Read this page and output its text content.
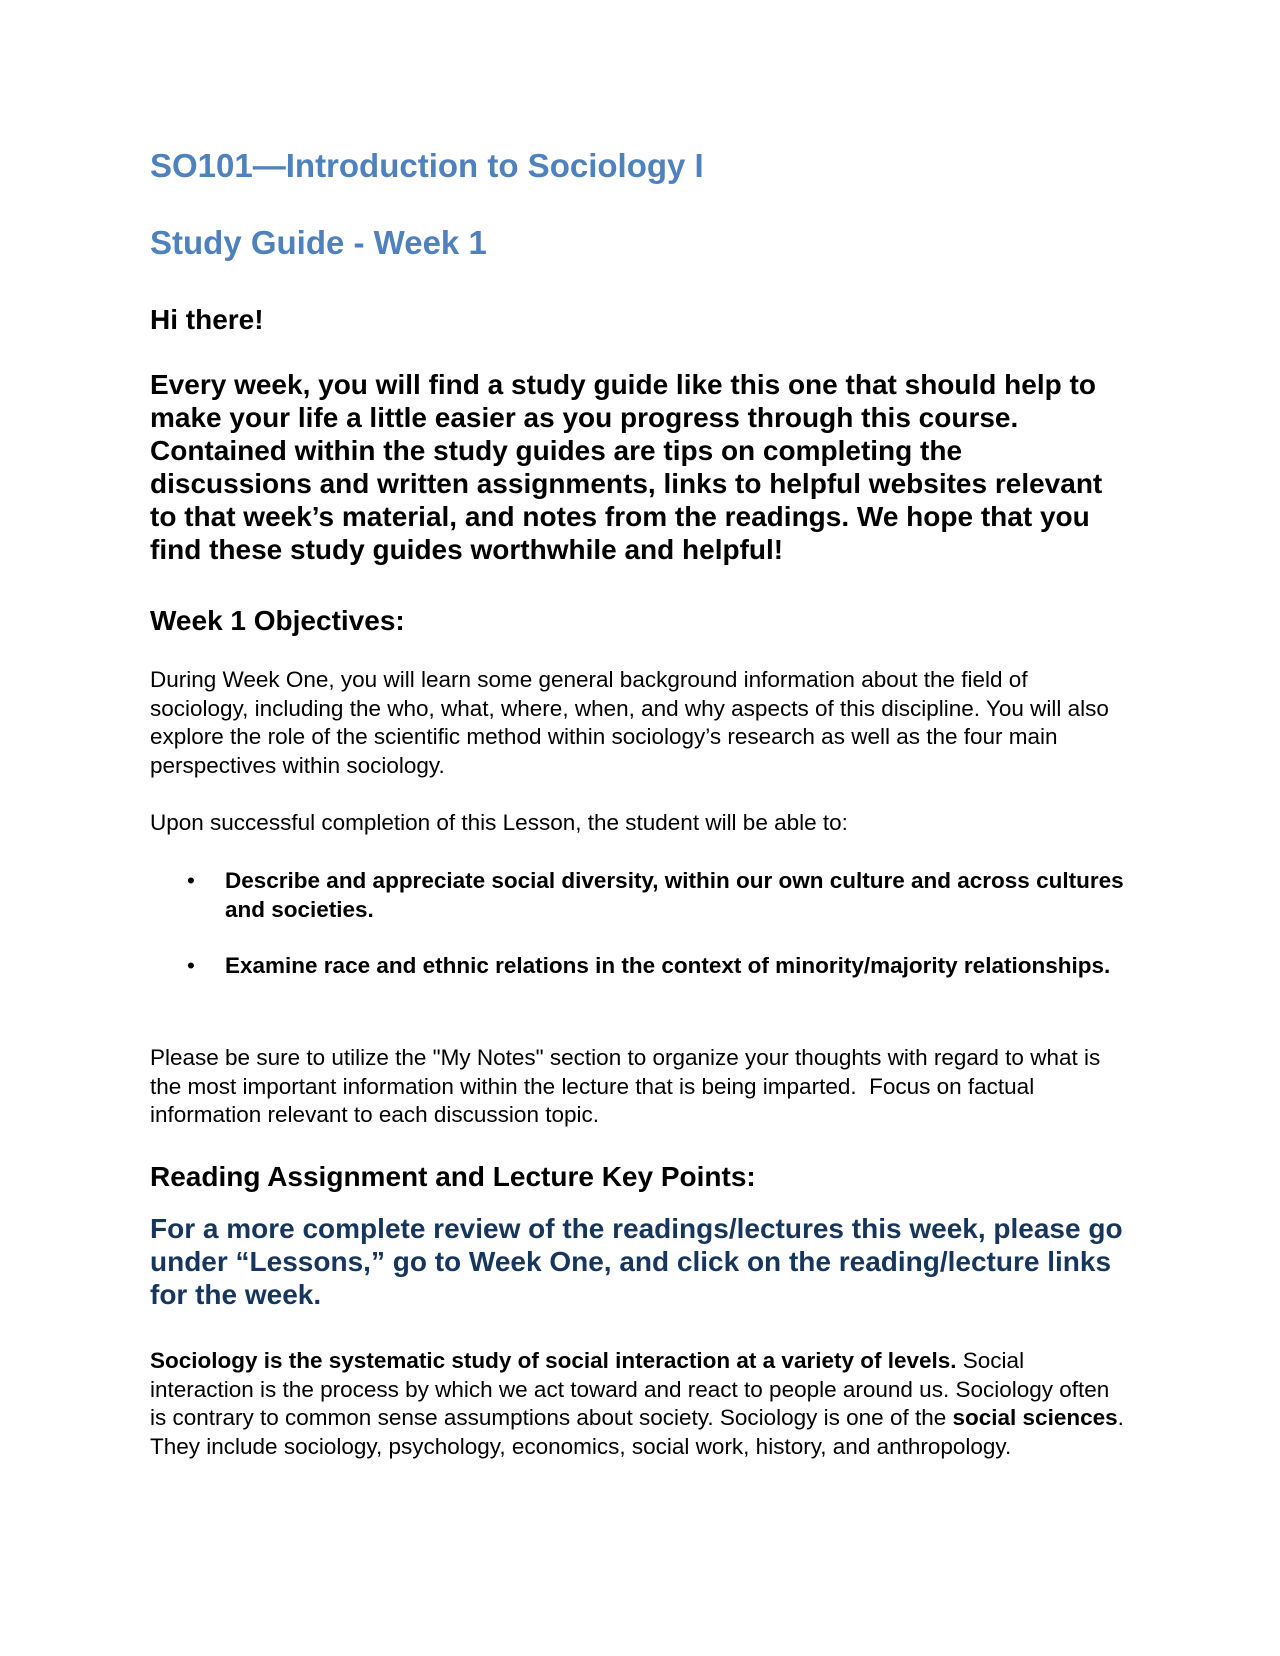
SO101—Introduction to Sociology I
Study Guide - Week 1

Hi there!

Every week, you will find a study guide like this one that should help to make your life a little easier as you progress through this course. Contained within the study guides are tips on completing the discussions and written assignments, links to helpful websites relevant to that week’s material, and notes from the readings. We hope that you find these study guides worthwhile and helpful!

Week 1 Objectives:

During Week One, you will learn some general background information about the field of sociology, including the who, what, where, when, and why aspects of this discipline. You will also explore the role of the scientific method within sociology’s research as well as the four main perspectives within sociology.

Upon successful completion of this Lesson, the student will be able to:

• Describe and appreciate social diversity, within our own culture and across cultures and societies.
• Examine race and ethnic relations in the context of minority/majority relationships.

Please be sure to utilize the "My Notes" section to organize your thoughts with regard to what is the most important information within the lecture that is being imparted.  Focus on factual information relevant to each discussion topic.

Reading Assignment and Lecture Key Points:

For a more complete review of the readings/lectures this week, please go under “Lessons,” go to Week One, and click on the reading/lecture links for the week.

Sociology is the systematic study of social interaction at a variety of levels. Social interaction is the process by which we act toward and react to people around us. Sociology often is contrary to common sense assumptions about society. Sociology is one of the social sciences. They include sociology, psychology, economics, social work, history, and anthropology.
